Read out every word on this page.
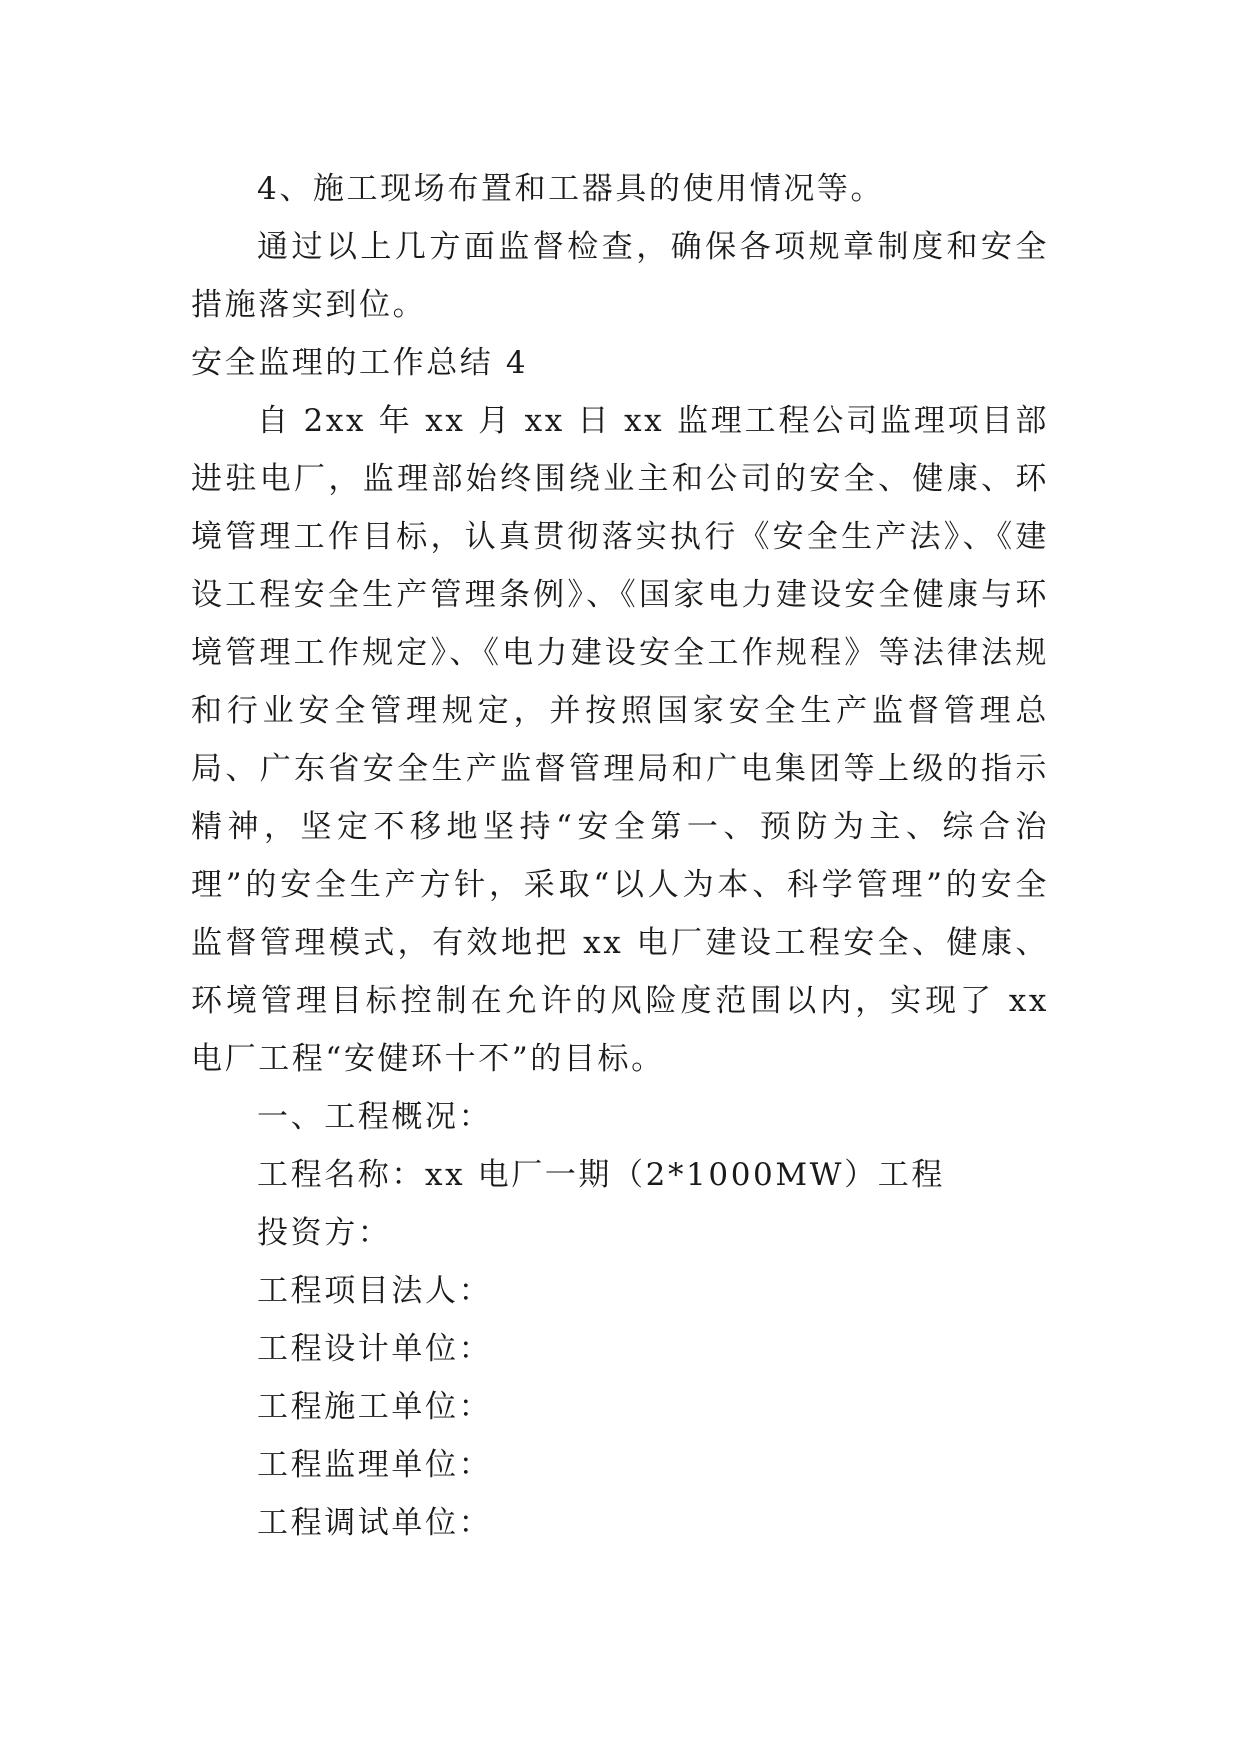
4、施工现场布置和工器具的使用情况等。

通过以上几方面监督检查，确保各项规章制度和安全措施落实到位。

安全监理的工作总结 4

自 2xx 年 xx 月 xx 日 xx 监理工程公司监理项目部进驻电厂，监理部始终围绕业主和公司的安全、健康、环境管理工作目标，认真贯彻落实执行《安全生产法》、《建设工程安全生产管理条例》、《国家电力建设安全健康与环境管理工作规定》、《电力建设安全工作规程》等法律法规和行业安全管理规定，并按照国家安全生产监督管理总局、广东省安全生产监督管理局和广电集团等上级的指示精神，坚定不移地坚持“安全第一、预防为主、综合治理”的安全生产方针，采取“以人为本、科学管理”的安全监督管理模式，有效地把 xx 电厂建设工程安全、健康、环境管理目标控制在允许的风险度范围以内，实现了 xx 电厂工程“安健环十不”的目标。

一、工程概况：

工程名称：xx 电厂一期（2*1000MW）工程

投资方：

工程项目法人：

工程设计单位：

工程施工单位：

工程监理单位：

工程调试单位：
